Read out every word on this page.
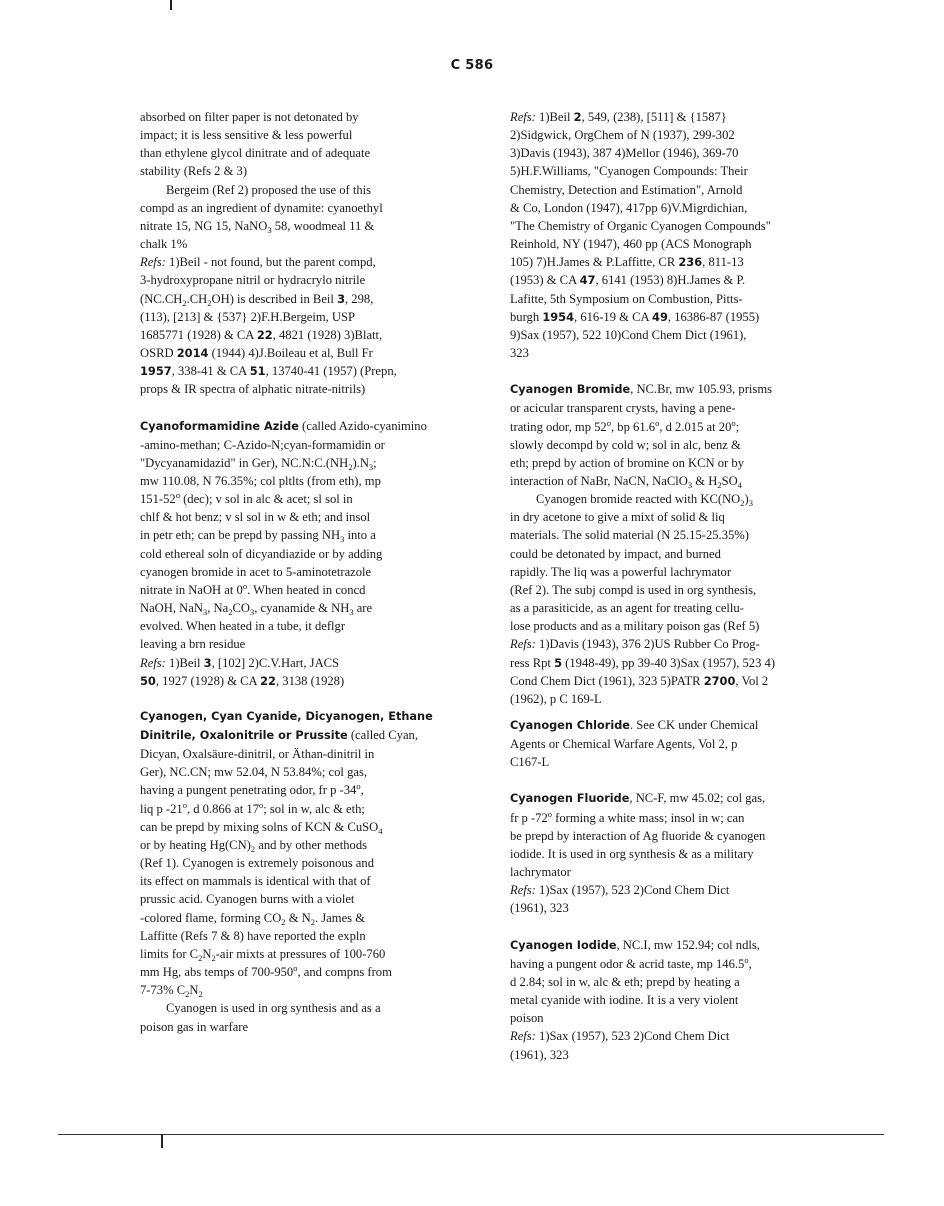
C 586

absorbed on filter paper is not detonated by
impact; it is less sensitive & less powerful
than ethylene glycol dinitrate and of adequate
stability (Refs 2 & 3)

Bergeim (Ref 2) proposed the use of this
compd as an ingredient of dynamite: cyanoethyl
nitrate 15, NG 15, NaNO$_3$ 58, woodmeal 11 &
chalk 1%

Refs: 1)Beil - not found, but the parent compd,
3-hydroxypropane nitril or hydracrylo nitrile
$(NC.CH_2.CH_2OH)$ is described in Beil 3, 298,
(113), [213] & {537} 2)F.H.Bergeim, USP
1685771 (1928) & CA 22, 4821 (1928) 3)Blatt,
OSRD 2014 (1944) 4)J.Boileau et al, Bull Fr
1957, 338-41 & CA 51, 13740-41 (1957) (Prepn,
props & IR spectra of alphatic nitrate-nitrils)

Cyanoformamidine Azide (called Azido-cyanimino
-amino-methan; C-Azido-N;cyan-formamidin or
"Dycyanamidazid" in Ger), $NC.N:C.(NH_2).N_3$;
mw 110.08, N 76.35%; col pltlts (from eth), mp
151-52$^o$ (dec); v sol in alc & acet; sl sol in
chlf & hot benz; v sl sol in w & eth; and insol
in petr eth; can be prepd by passing $NH_3$ into a
cold ethereal soln of dicyandiazide or by adding
cyanogen bromide in acet to 5-aminotetrazole
nitrate in NaOH at 0$^o$. When heated in concd
NaOH, NaN$_3$, $Na_2CO_3$, cyanamide & $NH_3$ are
evolved. When heated in a tube, it deflgr
leaving a brn residue
Refs: 1)Beil 3, [102] 2)C.V.Hart, JACS
50, 1927 (1928) & CA 22, 3138 (1928)

Cyanogen, Cyan Cyanide, Dicyanogen, Ethane
Dinitrile, Oxalonitrile or Prussite (called Cyan,
Dicyan, Oxalsäure-dinitril, or Äthan-dinitril in
Ger), NC.CN; mw 52.04, N 53.84%; col gas,
having a pungent penetrating odor, fr p -34$^o$,
liq p -21$^o$, d 0.866 at 17$^o$; sol in w, alc & eth;
can be prepd by mixing solns of KCN & CuSO$_4$
or by heating $Hg(CN)_2$ and by other methods
(Ref 1). Cyanogen is extremely poisonous and
its effect on mammals is identical with that of
prussic acid. Cyanogen burns with a violet
-colored flame, forming $CO_2$ & $N_2$. James &
Laffitte (Refs 7 & 8) have reported the expln
limits for $C_2N_2$-air mixts at pressures of 100-760
mm Hg, abs temps of 700-950$^o$, and compns from
7-73% $C_2N_2$
Cyanogen is used in org synthesis and as a
poison gas in warfare

Refs: 1)Beil 2, 549, (238), [511] & {1587}
2)Sidgwick, OrgChem of N (1937), 299-302
3)Davis (1943), 387 4)Mellor (1946), 369-70
5)H.F.Williams, "Cyanogen Compounds: Their
Chemistry, Detection and Estimation", Arnold
& Co, London (1947), 417pp 6)V.Migrdichian,
"The Chemistry of Organic Cyanogen Compounds"
Reinhold, NY (1947), 460 pp (ACS Monograph
105) 7)H.James & P.Laffitte, CR 236, 811-13
(1953) & CA 47, 6141 (1953) 8)H.James & P.
Lafitte, 5th Symposium on Combustion, Pitts-
burgh 1954, 616-19 & CA 49, 16386-87 (1955)
9)Sax (1957), 522 10)Cond Chem Dict (1961),
323

Cyanogen Bromide, NC.Br, mw 105.93, prisms
or acicular transparent crysts, having a pene-
trating odor, mp 52$^o$, bp 61.6$^o$, d 2.015 at 20$^o$;
slowly decompd by cold w; sol in alc, benz &
eth; prepd by action of bromine on KCN or by
interaction of NaBr, NaCN, NaClO$_3$ & $H_2SO_4$
Cyanogen bromide reacted with $KC(NO_2)_3$
in dry acetone to give a mixt of solid & liq
materials. The solid material (N 25.15-25.35%)
could be detonated by impact, and burned
rapidly. The liq was a powerful lachrymator
(Ref 2). The subj compd is used in org synthesis,
as a parasiticide, as an agent for treating cellu-
lose products and as a military poison gas (Ref 5)
Refs: 1)Davis (1943), 376 2)US Rubber Co Prog-
ress Rpt 5 (1948-49), pp 39-40 3)Sax (1957), 523 4)
Cond Chem Dict (1961), 323 5)PATR 2700, Vol 2
(1962), p C 169-L

Cyanogen Chloride. See CK under Chemical
Agents or Chemical Warfare Agents, Vol 2, p
C167-L

Cyanogen Fluoride, NC-F, mw 45.02; col gas,
fr p -72$^o$ forming a white mass; insol in w; can
be prepd by interaction of Ag fluoride & cyanogen
iodide. It is used in org synthesis & as a military
lachrymator
Refs: 1)Sax (1957), 523 2)Cond Chem Dict
(1961), 323

Cyanogen Iodide, NC.I, mw 152.94; col ndls,
having a pungent odor & acrid taste, mp 146.5$^o$,
d 2.84; sol in w, alc & eth; prepd by heating a
metal cyanide with iodine. It is a very violent
poison
Refs: 1)Sax (1957), 523 2)Cond Chem Dict
(1961), 323
